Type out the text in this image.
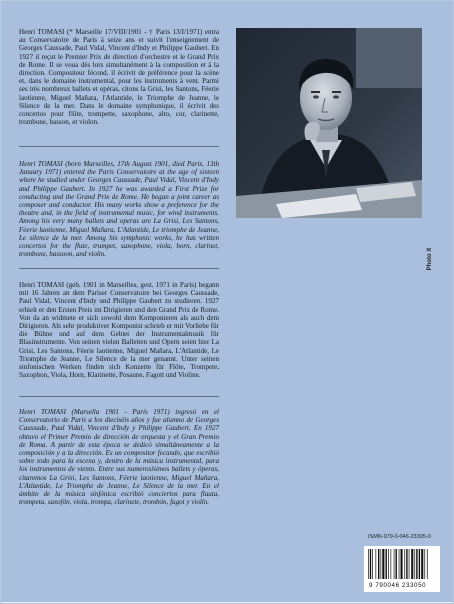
Henri TOMASI (* Marseille 17/VIII/1901 - † Paris 13/I/1971) entra au Conservatoire de Paris à seize ans et suivit l'enseignement de Georges Caussade, Paul Vidal, Vincent d'Indy et Philippe Gaubert. En 1927 il reçut le Premier Prix de direction d'orchestre et le Grand Prix de Rome. Il se voua dès lors simultanément à la composition et à la direction. Compositeur fécond, il écrivit de préférence pour la scène et, dans le domaine instrumental, pour les instruments à vent. Parmi ses très nombreux ballets et opéras, citons la Grisi, les Santons, Féerie laotienne, Miguel Mañara, l'Atlantide, le Triomphe de Jeanne, le Silence de la mer. Dans le domaine symphonique, il écrivit des concertos pour flûte, trompette, saxophone, alto, cor, clarinette, trombone, basson, et violon.

Henri TOMASI (born Marseilles, 17th August 1901, died Paris, 13th January 1971) entered the Paris Conservatoire at the age of sixteen where he studied under Georges Caussade, Paul Vidal, Vincent d'Indy and Philippe Gaubert. In 1927 he was awarded a First Prize for conducting and the Grand Prix de Rome. He began a joint career as composer and conductor. His many works show a preference for the theatre and, in the field of instrumental music, for wind instruments. Among his very many ballets and operas are La Grisi, Les Santons, Féerie laotienne, Miguel Mañara, L'Atlantide, Le triomphe de Jeanne, Le silence de la mer. Among his symphonic works, he has written concertos for the flute, trumpet, saxophone, viola, horn, clarinet, trombone, bassoon, and violin.

Henri TOMASI (geb. 1901 in Marseilles, gest. 1971 in Paris) begann mit 16 Jahren an dem Pariser Conservatoire bei Georges Caussade, Paul Vidal, Vincent d'Indy und Philippe Gaubert zu studieren. 1927 erhielt er den Ersten Preis im Dirigieren und den Grand Prix de Rome. Von da an widmete er sich sowohl dem Komponieren als auch dem Dirigieren. Als sehr produktiver Komponist schrieb er mit Vorliebe für die Bühne und auf dem Gebiet der Instrumentalmusik für Blasinstrumente. Von seinen vielen Balletten und Opern seien hier La Grisi, Les Santons, Féerie laotienne, Miguel Mañara, L'Atlantide, Le Triomphe de Jeanne, Le Silence de la mer genannt. Unter seinen sinfonischen Werken finden sich Konzerte für Flöte, Trompete, Saxophon, Viola, Horn, Klarinette, Posaune, Fagott und Violine.

Henri TOMASI (Marsella 1901 - París 1971) ingresó en el Conservatorio de París a los dieciséis años y fue alumno de Georges Caussade, Paul Vidal, Vincent d'Indy y Philippe Gaubert. En 1927 obtuvo el Primer Premio de dirección de orquesta y el Gran Premio de Roma. A partir de esta época se dedicó simultáneamente a la composición y a la dirección. Es un compositor fecundo, que escribió sobre todo para la escena y, dentro de la música instrumental, para los instrumentos de viento. Entre sus numerosísimos ballets y óperas, citaremos La Grisi, Les Santons, Féerie laotienne, Miguel Mañara, L'Atlantide, Le Triomphe de Jeanne, Le Silence de la mer. En el ámbito de la música sinfónica escribió conciertos para flauta, trompeta, saxofón, viola, trompa, clarinete, trombón, fagot y violín.

Photo X
ISMN-979-0-046-23305-0
9 790046 233050
